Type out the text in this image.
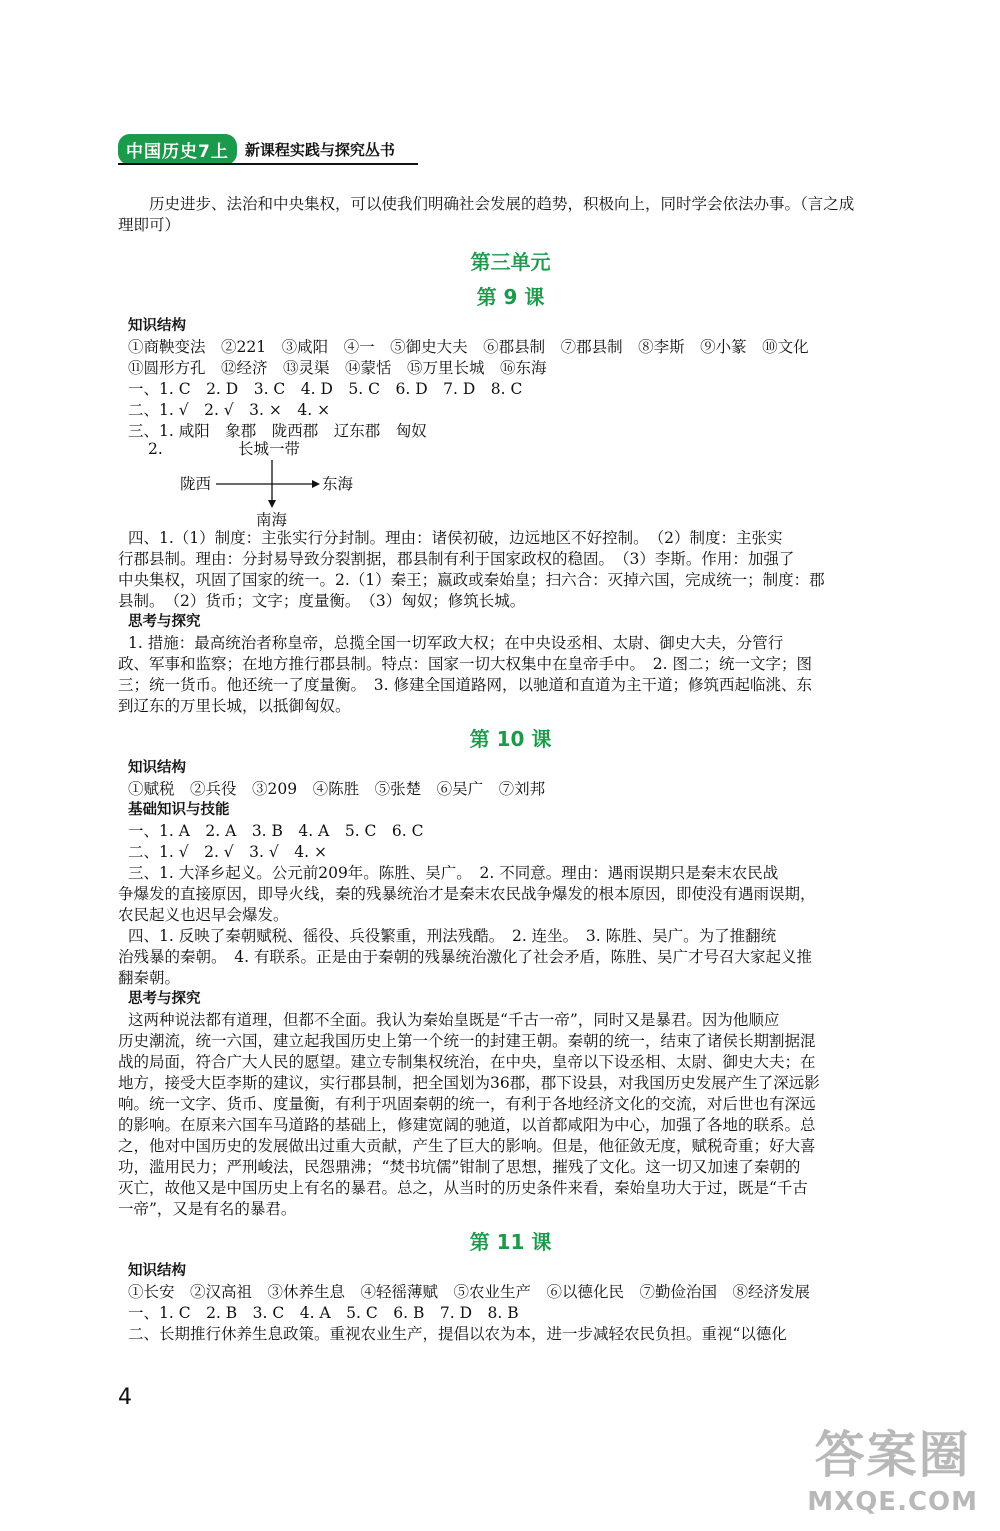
中国历史7上	新课程实践与探究丛书

历史进步、法治和中央集权，可以使我们明确社会发展的趋势，积极向上，同时学会依法办事。（言之成

理即可）

第三单元
第 9 课

知识结构

①商鞅变法　②221　③咸阳　④一　⑤御史大夫　⑥郡县制　⑦郡县制　⑧李斯　⑨小篆　⑩文化

⑪圆形方孔　⑫经济　⑬灵渠　⑭蒙恬　⑮万里长城　⑯东海

一、1. C　2. D　3. C　4. D　5. C　6. D　7. D　8. C

二、1. √　2. √　3. ×　4. ×

三、1. 咸阳　象郡　陇西郡　辽东郡　匈奴

2.	长城一带
陇西	东海
南海

四、1.（1）制度：主张实行分封制。理由：诸侯初破，边远地区不好控制。　（2）制度：主张实

行郡县制。理由：分封易导致分裂割据，郡县制有利于国家政权的稳固。　（3）李斯。作用：加强了

中央集权，巩固了国家的统一。2.（1）秦王；嬴政或秦始皇；扫六合：灭掉六国，完成统一；制度：郡

县制。　（2）货币；文字；度量衡。　（3）匈奴；修筑长城。

思考与探究

1. 措施：最高统治者称皇帝，总揽全国一切军政大权；在中央设丞相、太尉、御史大夫，分管行

政、军事和监察；在地方推行郡县制。特点：国家一切大权集中在皇帝手中。　2. 图二；统一文字；图

三；统一货币。他还统一了度量衡。　3. 修建全国道路网，以驰道和直道为主干道；修筑西起临洮、东

到辽东的万里长城，以抵御匈奴。

第 10 课

知识结构

①赋税　②兵役　③209　④陈胜　⑤张楚　⑥吴广　⑦刘邦

基础知识与技能

一、1. A　2. A　3. B　4. A　5. C　6. C

二、1. √　2. √　3. √　4. ×

三、1. 大泽乡起义。公元前209年。陈胜、吴广。　2. 不同意。理由：遇雨误期只是秦末农民战

争爆发的直接原因，即导火线，秦的残暴统治才是秦末农民战争爆发的根本原因，即使没有遇雨误期，

农民起义也迟早会爆发。

四、1. 反映了秦朝赋税、徭役、兵役繁重，刑法残酷。　2. 连坐。　3. 陈胜、吴广。为了推翻统

治残暴的秦朝。　4. 有联系。正是由于秦朝的残暴统治激化了社会矛盾，陈胜、吴广才号召大家起义推

翻秦朝。

思考与探究

这两种说法都有道理，但都不全面。我认为秦始皇既是“千古一帝”，同时又是暴君。因为他顺应

历史潮流，统一六国，建立起我国历史上第一个统一的封建王朝。秦朝的统一，结束了诸侯长期割据混

战的局面，符合广大人民的愿望。建立专制集权统治，在中央，皇帝以下设丞相、太尉、御史大夫；在

地方，接受大臣李斯的建议，实行郡县制，把全国划为36郡，郡下设县，对我国历史发展产生了深远影

响。统一文字、货币、度量衡，有利于巩固秦朝的统一，有利于各地经济文化的交流，对后世也有深远

的影响。在原来六国车马道路的基础上，修建宽阔的驰道，以首都咸阳为中心，加强了各地的联系。总

之，他对中国历史的发展做出过重大贡献，产生了巨大的影响。但是，他征敛无度，赋税奇重；好大喜

功，滥用民力；严刑峻法，民怨鼎沸；“焚书坑儒”钳制了思想，摧残了文化。这一切又加速了秦朝的

灭亡，故他又是中国历史上有名的暴君。总之，从当时的历史条件来看，秦始皇功大于过，既是“千古

一帝”，又是有名的暴君。

第 11 课

知识结构

①长安　②汉高祖　③休养生息　④轻徭薄赋　⑤农业生产　⑥以德化民　⑦勤俭治国　⑧经济发展

一、1. C　2. B　3. C　4. A　5. C　6. B　7. D　8. B

二、长期推行休养生息政策。重视农业生产，提倡以农为本，进一步减轻农民负担。重视“以德化

4
答案圈
MXQE.COM
